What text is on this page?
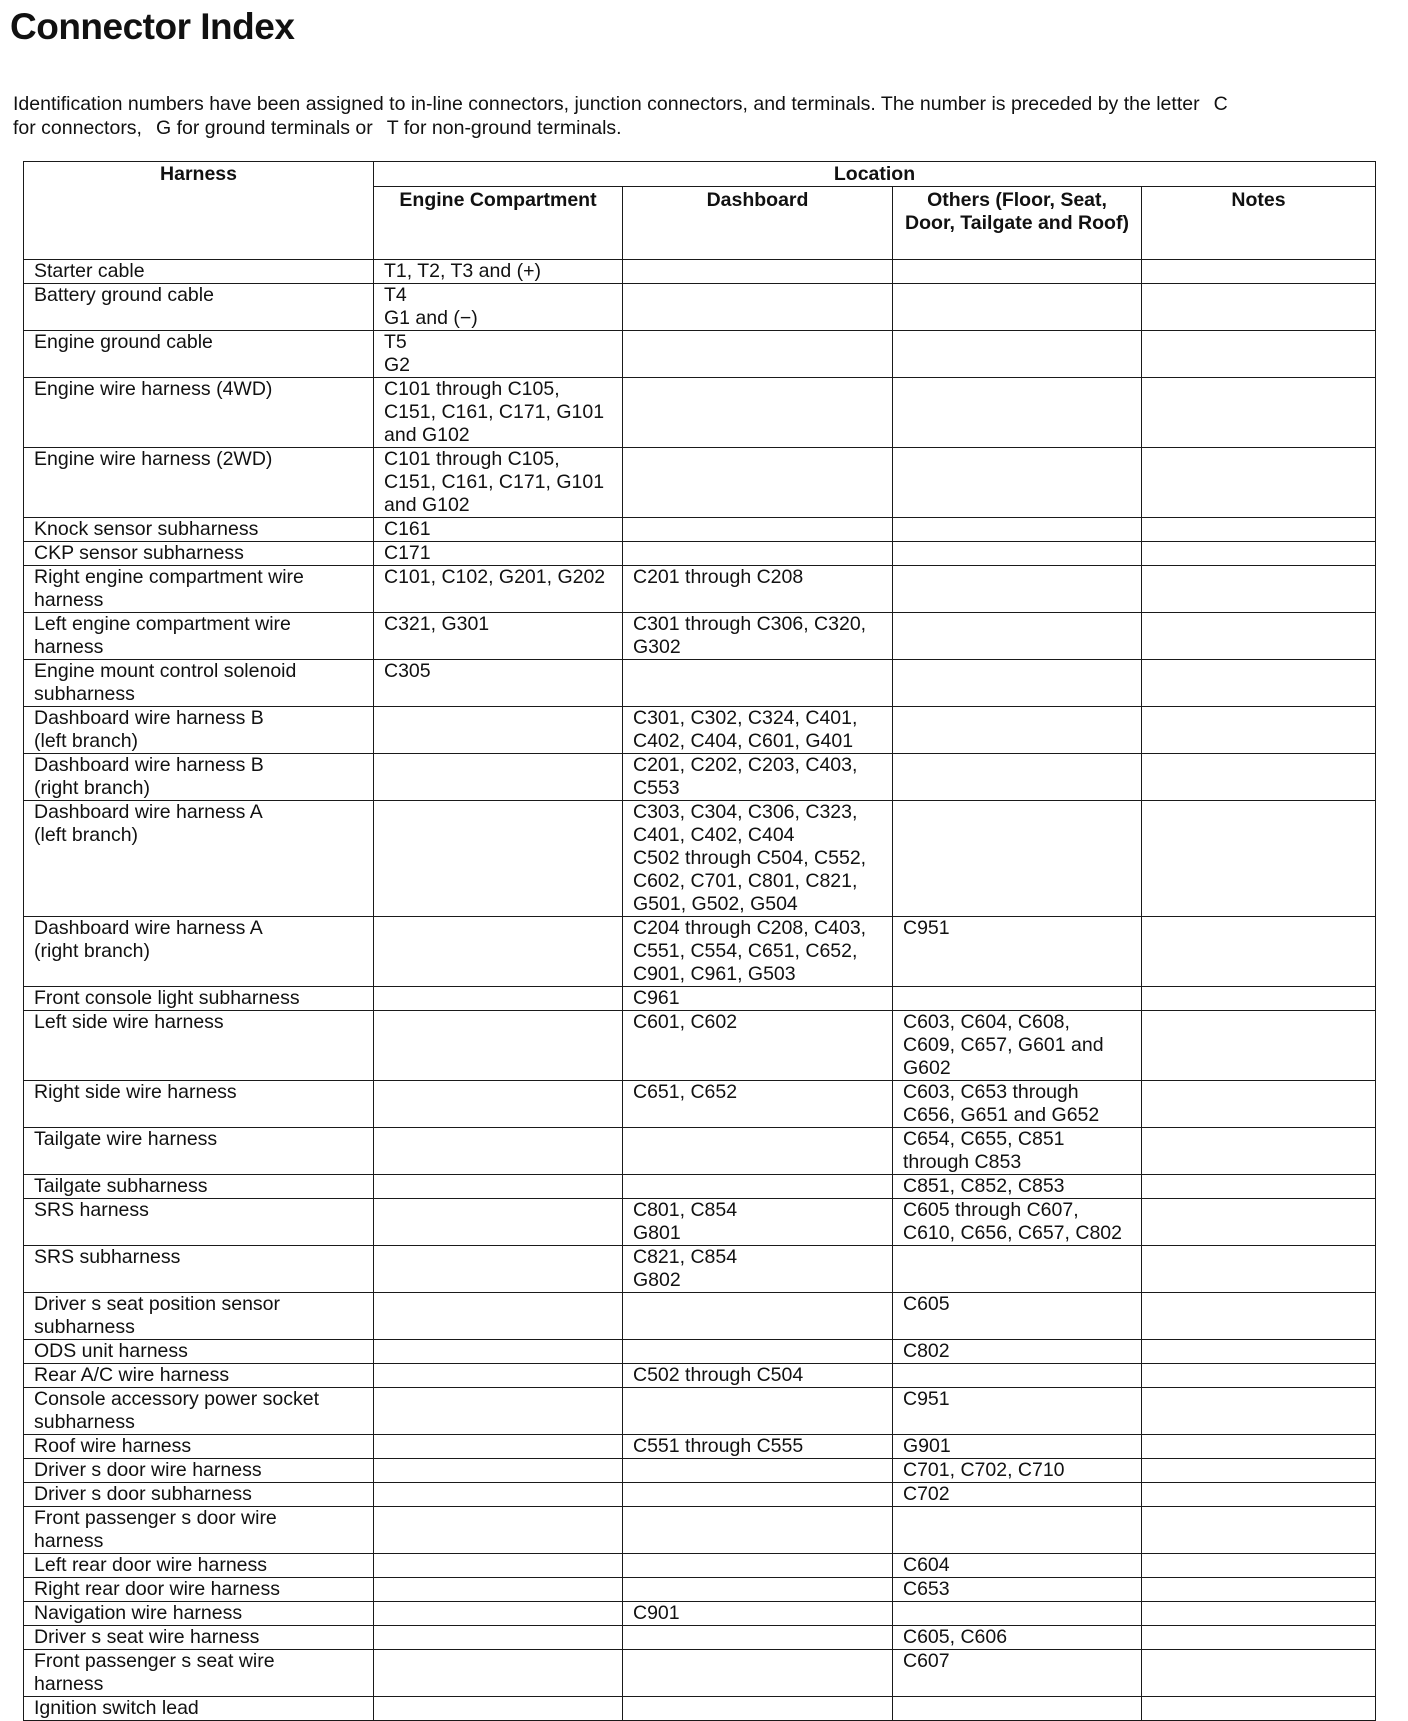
Connector Index
Identification numbers have been assigned to in-line connectors, junction connectors, and terminals. The number is preceded by the letter C
for connectors, G for ground terminals or T for non-ground terminals.
Harness	Location			
	Engine Compartment	Dashboard	Others (Floor, Seat, Door, Tailgate and Roof)	Notes
Starter cable	T1, T2, T3 and (+)			
Battery ground cable	T4
G1 and (−)			
Engine ground cable	T5
G2			
Engine wire harness (4WD)	C101 through C105,
C151, C161, C171, G101
and G102			
Engine wire harness (2WD)	C101 through C105,
C151, C161, C171, G101
and G102			
Knock sensor subharness	C161			
CKP sensor subharness	C171			
Right engine compartment wire
harness	C101, C102, G201, G202	C201 through C208		
Left engine compartment wire
harness	C321, G301	C301 through C306, C320,
G302		
Engine mount control solenoid
subharness	C305			
Dashboard wire harness B
(left branch)		C301, C302, C324, C401,
C402, C404, C601, G401		
Dashboard wire harness B
(right branch)		C201, C202, C203, C403,
C553		
Dashboard wire harness A
(left branch)		C303, C304, C306, C323,
C401, C402, C404
C502 through C504, C552,
C602, C701, C801, C821,
G501, G502, G504		
Dashboard wire harness A
(right branch)		C204 through C208, C403,
C551, C554, C651, C652,
C901, C961, G503	C951	
Front console light subharness		C961		
Left side wire harness		C601, C602	C603, C604, C608,
C609, C657, G601 and
G602	
Right side wire harness		C651, C652	C603, C653 through
C656, G651 and G652	
Tailgate wire harness			C654, C655, C851
through C853	
Tailgate subharness			C851, C852, C853	
SRS harness		C801, C854
G801	C605 through C607,
C610, C656, C657, C802	
SRS subharness		C821, C854
G802		
Driver s seat position sensor
subharness			C605	
ODS unit harness			C802	
Rear A/C wire harness		C502 through C504		
Console accessory power socket
subharness			C951	
Roof wire harness		C551 through C555	G901	
Driver s door wire harness			C701, C702, C710	
Driver s door subharness			C702	
Front passenger s door wire
harness				
Left rear door wire harness			C604	
Right rear door wire harness			C653	
Navigation wire harness		C901		
Driver s seat wire harness			C605, C606	
Front passenger s seat wire
harness			C607	
Ignition switch lead				
